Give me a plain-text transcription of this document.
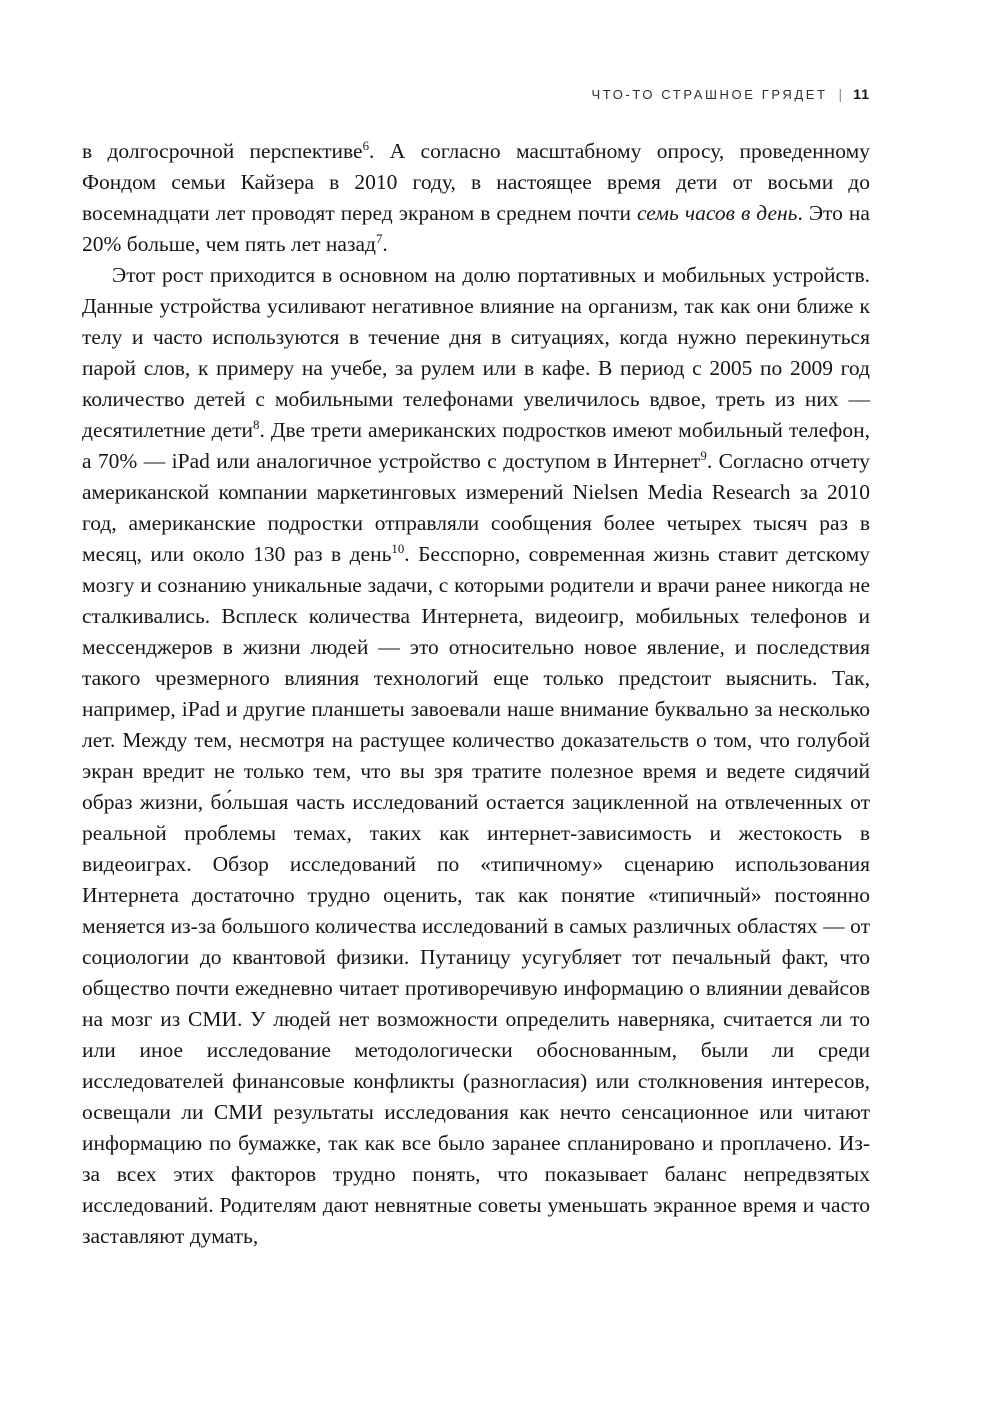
ЧТО-ТО СТРАШНОЕ ГРЯДЕТ | 11

в долгосрочной перспективе$^6$. А согласно масштабному опросу, проведенному Фондом семьи Кайзера в 2010 году, в настоящее время дети от восьми до восемнадцати лет проводят перед экраном в среднем почти семь часов в день. Это на 20% больше, чем пять лет назад$^7$.

Этот рост приходится в основном на долю портативных и мобильных устройств. Данные устройства усиливают негативное влияние на организм, так как они ближе к телу и часто используются в течение дня в ситуациях, когда нужно перекинуться парой слов, к примеру на учебе, за рулем или в кафе. В период с 2005 по 2009 год количество детей с мобильными телефонами увеличилось вдвое, треть из них — десятилетние дети$^8$. Две трети американских подростков имеют мобильный телефон, а 70% — iPad или аналогичное устройство с доступом в Интернет$^9$. Согласно отчету американской компании маркетинговых измерений Nielsen Media Research за 2010 год, американские подростки отправляли сообщения более четырех тысяч раз в месяц, или около 130 раз в день$^{10}$. Бесспорно, современная жизнь ставит детскому мозгу и сознанию уникальные задачи, с которыми родители и врачи ранее никогда не сталкивались. Всплеск количества Интернета, видеоигр, мобильных телефонов и мессенджеров в жизни людей — это относительно новое явление, и последствия такого чрезмерного влияния технологий еще только предстоит выяснить. Так, например, iPad и другие планшеты завоевали наше внимание буквально за несколько лет. Между тем, несмотря на растущее количество доказательств о том, что голубой экран вредит не только тем, что вы зря тратите полезное время и ведете сидячий образ жизни, бо́льшая часть исследований остается зацикленной на отвлеченных от реальной проблемы темах, таких как интернет-зависимость и жестокость в видеоиграх. Обзор исследований по «типичному» сценарию использования Интернета достаточно трудно оценить, так как понятие «типичный» постоянно меняется из-за большого количества исследований в самых различных областях — от социологии до квантовой физики. Путаницу усугубляет тот печальный факт, что общество почти ежедневно читает противоречивую информацию о влиянии девайсов на мозг из СМИ. У людей нет возможности определить наверняка, считается ли то или иное исследование методологически обоснованным, были ли среди исследователей финансовые конфликты (разногласия) или столкновения интересов, освещали ли СМИ результаты исследования как нечто сенсационное или читают информацию по бумажке, так как все было заранее спланировано и проплачено. Из-за всех этих факторов трудно понять, что показывает баланс непредвзятых исследований. Родителям дают невнятные советы уменьшать экранное время и часто заставляют думать,
